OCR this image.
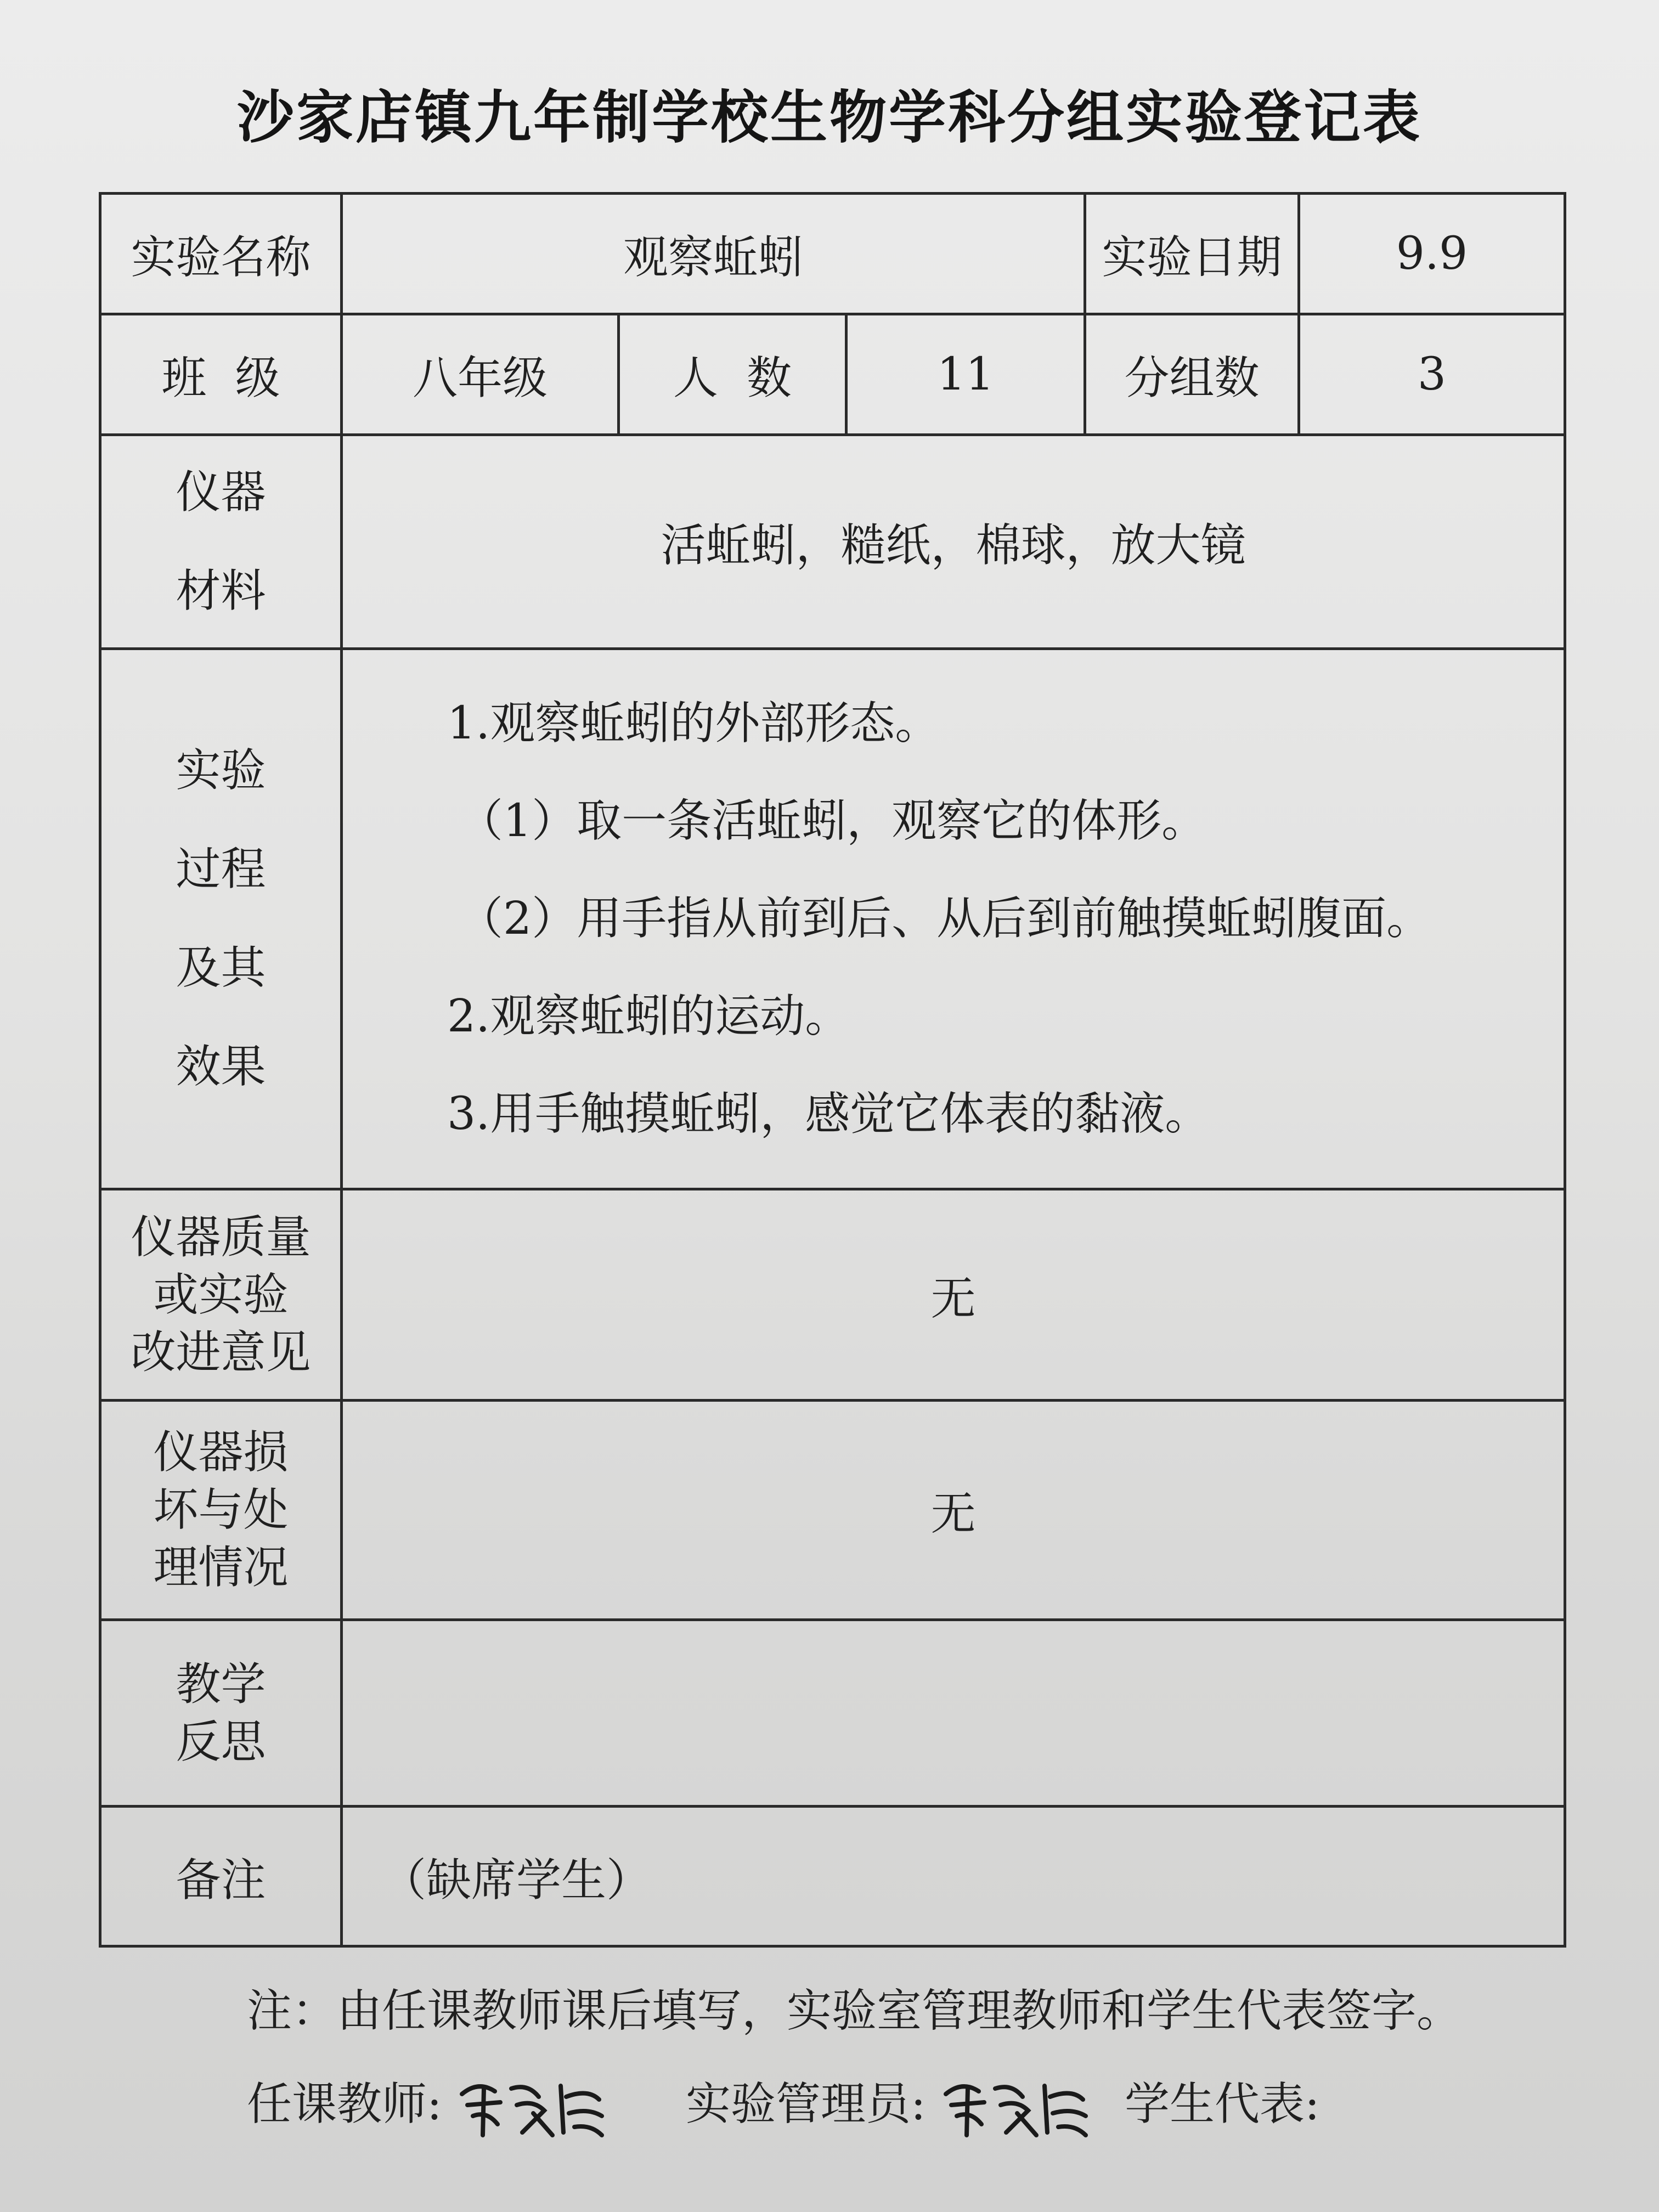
沙家店镇九年制学校生物学科分组实验登记表
实验名称	观察蚯蚓			实验日期	9.9
班  级	八年级	人  数	11	分组数	3

仪器
材料	活蚯蚓，糙纸，棉球，放大镜				

实验
过程
及其
效果	1.观察蚯蚓的外部形态。
（1）取一条活蚯蚓，观察它的体形。
（2）用手指从前到后、从后到前触摸蚯蚓腹面。
2.观察蚯蚓的运动。
3.用手触摸蚯蚓，感觉它体表的黏液。				

仪器质量
或实验
改进意见	无				

仪器损
坏与处
理情况	无				

教学
反思					

备注	（缺席学生）				
注：由任课教师课后填写，实验室管理教师和学生代表签字。
任课教师:	实验管理员:	学生代表:
